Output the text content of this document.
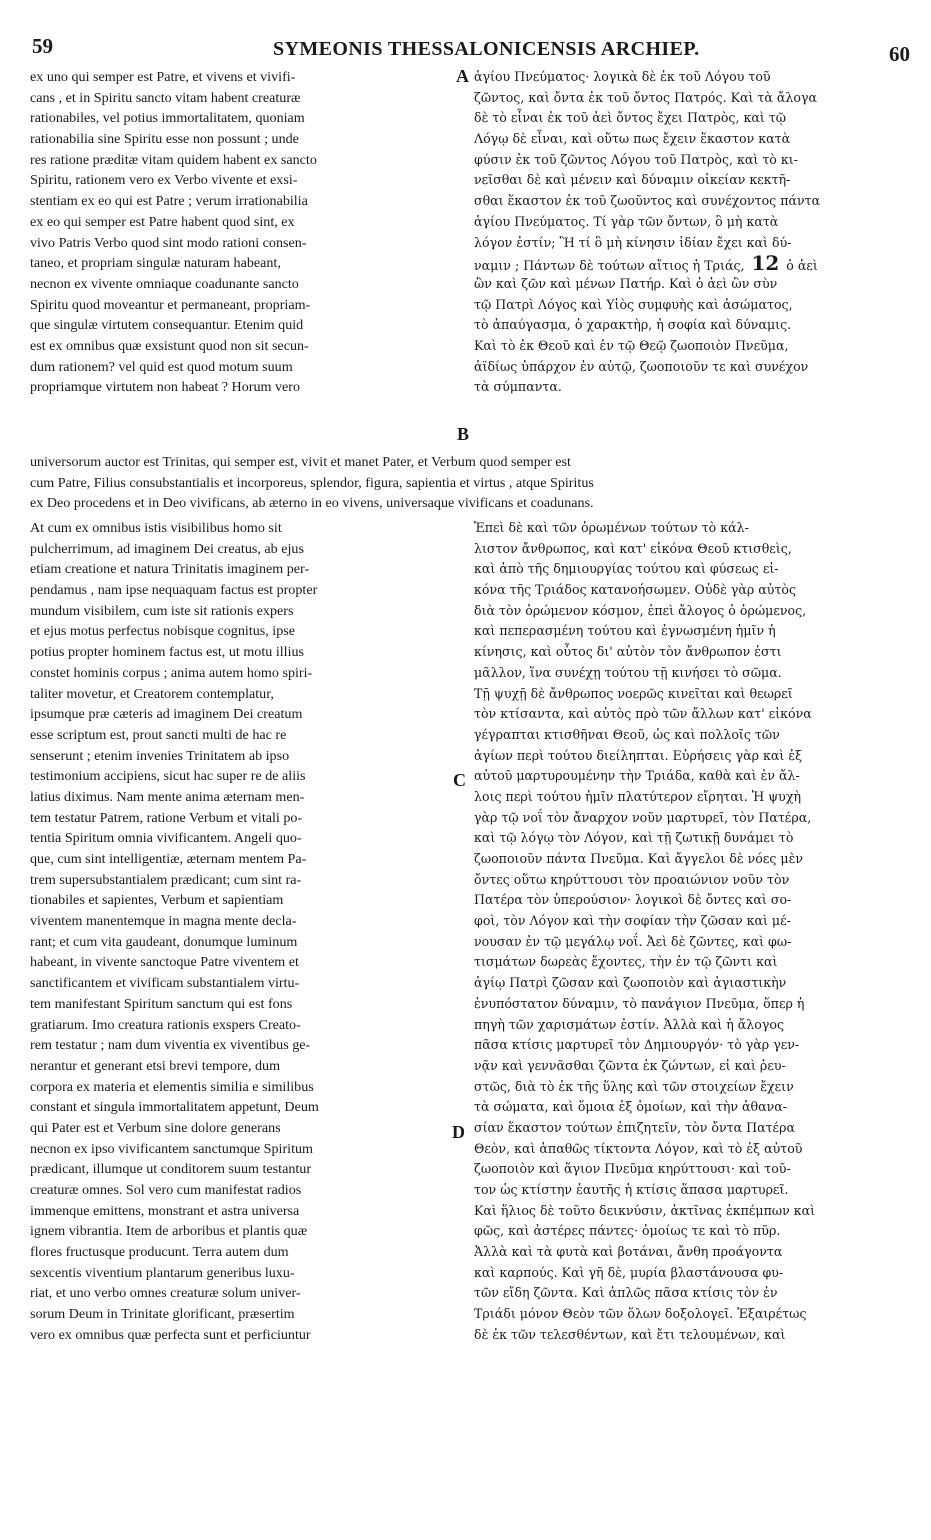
59	SYMEONIS THESSALONICENSIS ARCHIEP.	60
ex uno qui semper est Patre, et vivens et vivifi-
cans , et in Spiritu sancto vitam habent creaturæ
rationabiles, vel potius immortalitatem, quoniam
rationabilia sine Spiritu esse non possunt ; unde
res ratione præditæ vitam quidem habent ex sancto
Spiritu, rationem vero ex Verbo vivente et exsi-
stentiam ex eo qui est Patre ; verum irrationabilia
ex eo qui semper est Patre habent quod sint, ex
vivo Patris Verbo quod sint modo rationi consen-
taneo, et propriam singulæ naturam habeant,
necnon ex vivente omniaque coadunante sancto
Spiritu quod moveantur et permaneant, propriam-
que singulæ virtutem consequantur. Etenim quid
est ex omnibus quæ exsistunt quod non sit secun-
dum rationem? vel quid est quod motum suum
propriamque virtutem non habeat ? Horum vero
ἁγίου Πνεύματος· λογικὰ δὲ ἐκ τοῦ Λόγου τοῦ
ζῶντος, καὶ ὄντα ἐκ τοῦ ὄντος Πατρός. Καὶ τὰ ἄλογα
δὲ τὸ εἶναι ἐκ τοῦ ἀεὶ ὄντος ἔχει Πατρὸς, καὶ τῷ
Λόγῳ δὲ εἶναι, καὶ οὕτω πως ἔχειν ἕκαστον κατὰ
φύσιν ἐκ τοῦ ζῶντος Λόγου τοῦ Πατρὸς, καὶ τὸ κι-
νεῖσθαι δὲ καὶ μένειν καὶ δύναμιν οἰκείαν κεκτῆ-
σθαι ἕκαστον ἐκ τοῦ ζωοῦντος καὶ συνέχοντος πάντα
ἁγίου Πνεύματος. Τί γὰρ τῶν ὄντων, ὃ μὴ κατὰ
λόγον ἐστίν; Ἢ τί ὃ μὴ κίνησιν ἰδίαν ἔχει καὶ δύ-
ναμιν ; Πάντων δὲ τούτων αἴτιος ἡ Τριάς, 12 ὁ ἀεὶ
ὢν καὶ ζῶν καὶ μένων Πατήρ. Καὶ ὁ ἀεὶ ὢν σὺν
τῷ Πατρὶ Λόγος καὶ Υἱὸς συμφυὴς καὶ ἀσώματος,
τὸ ἀπαύγασμα, ὁ χαρακτὴρ, ἡ σοφία καὶ δύναμις.
Καὶ τὸ ἐκ Θεοῦ καὶ ἐν τῷ Θεῷ ζωοποιὸν Πνεῦμα,
ἀϊδίως ὑπάρχον ἐν αὐτῷ, ζωοποιοῦν τε καὶ συνέχον
τὰ σύμπαντα.
universorum auctor est Trinitas, qui semper est, vivit et manet Pater, et Verbum quod semper est
cum Patre, Filius consubstantialis et incorporeus, splendor, figura, sapientia et virtus , atque Spiritus
ex Deo procedens et in Deo vivificans, ab æterno in eo vivens, universaque vivificans et coadunans.
At cum ex omnibus istis visibilibus homo sit
pulcherrimum, ad imaginem Dei creatus, ab ejus
etiam creatione et natura Trinitatis imaginem per-
pendamus , nam ipse nequaquam factus est propter
mundum visibilem, cum iste sit rationis expers
et ejus motus perfectus nobisque cognitus, ipse
potius propter hominem factus est, ut motu illius
constet hominis corpus ; anima autem homo spiri-
taliter movetur, et Creatorem contemplatur,
ipsumque præ cæteris ad imaginem Dei creatum
esse scriptum est, prout sancti multi de hac re
senserunt ; etenim invenies Trinitatem ab ipso
testimonium accipiens, sicut hac super re de aliis
latius diximus. Nam mente anima æternam men-
tem testatur Patrem, ratione Verbum et vitali po-
tentia Spiritum omnia vivificantem. Angeli quo-
que, cum sint intelligentiæ, æternam mentem Pa-
trem supersubstantialem prædicant; cum sint ra-
tionabiles et sapientes, Verbum et sapientiam
viventem manentemque in magna mente decla-
rant; et cum vita gaudeant, donumque luminum
habeant, in vivente sanctoque Patre viventem et
sanctificantem et vivificam substantialem virtu-
tem manifestant Spiritum sanctum qui est fons
gratiarum. Imo creatura rationis exspers Creato-
rem testatur ; nam dum viventia ex viventibus ge-
nerantur et generant etsi brevi tempore, dum
corpora ex materia et elementis similia e similibus
constant et singula immortalitatem appetunt, Deum
qui Pater est et Verbum sine dolore generans
necnon ex ipso vivificantem sanctumque Spiritum
prædicant, illumque ut conditorem suum testantur
creaturæ omnes. Sol vero cum manifestat radios
immenque emittens, monstrant et astra universa
ignem vibrantia. Item de arboribus et plantis quæ
flores fructusque producunt. Terra autem dum
sexcentis viventium plantarum generibus luxu-
riat, et uno verbo omnes creaturæ solum univer-
sorum Deum in Trinitate glorificant, præsertim
vero ex omnibus quæ perfecta sunt et perficiuntur
Ἐπεὶ δὲ καὶ τῶν ὁρωμένων τούτων τὸ κάλ-
λιστον ἄνθρωπος, καὶ κατ' εἰκόνα Θεοῦ κτισθεὶς,
καὶ ἀπὸ τῆς δημιουργίας τούτου καὶ φύσεως εἰ-
κόνα τῆς Τριάδος κατανοήσωμεν. Οὐδὲ γὰρ αὐτὸς
διὰ τὸν ὁρώμενον κόσμον, ἐπεὶ ἄλογος ὁ ὁρώμενος,
καὶ πεπερασμένη τούτου καὶ ἐγνωσμένη ἡμῖν ἡ
κίνησις, καὶ οὗτος δι' αὐτὸν τὸν ἄνθρωπον ἐστι
μᾶλλον, ἵνα συνέχῃ τούτου τῇ κινήσει τὸ σῶμα.
Τῇ ψυχῇ δὲ ἄνθρωπος νοερῶς κινεῖται καὶ θεωρεῖ
τὸν κτίσαντα, καὶ αὐτὸς πρὸ τῶν ἄλλων κατ' εἰκόνα
γέγραπται κτισθῆναι Θεοῦ, ὡς καὶ πολλοῖς τῶν
ἁγίων περὶ τούτου διείληπται. Εὑρήσεις γὰρ καὶ ἐξ
αὐτοῦ μαρτυρουμένην τὴν Τριάδα, καθὰ καὶ ἐν ἄλ-
λοις περὶ τούτου ἡμῖν πλατύτερον εἴρηται. Ἡ ψυχὴ
γὰρ τῷ νοΐ τὸν ἄναρχον νοῦν μαρτυρεῖ, τὸν Πατέρα,
καὶ τῷ λόγῳ τὸν Λόγον, καὶ τῇ ζωτικῇ δυνάμει τὸ
ζωοποιοῦν πάντα Πνεῦμα. Καὶ ἄγγελοι δὲ νόες μὲν
ὄντες οὕτω κηρύττουσι τὸν προαιώνιον νοῦν τὸν
Πατέρα τὸν ὑπερούσιον· λογικοὶ δὲ ὄντες καὶ σο-
φοὶ, τὸν Λόγον καὶ τὴν σοφίαν τὴν ζῶσαν καὶ μέ-
νουσαν ἐν τῷ μεγάλῳ νοΐ. Ἀεὶ δὲ ζῶντες, καὶ φω-
τισμάτων δωρεὰς ἔχοντες, τὴν ἐν τῷ ζῶντι καὶ
ἁγίῳ Πατρὶ ζῶσαν καὶ ζωοποιὸν καὶ ἁγιαστικὴν
ἐνυπόστατον δύναμιν, τὸ πανάγιον Πνεῦμα, ὅπερ ἡ
πηγὴ τῶν χαρισμάτων ἐστίν. Ἀλλὰ καὶ ἡ ἄλογος
πᾶσα κτίσις μαρτυρεῖ τὸν Δημιουργόν· τὸ γὰρ γεν-
νᾷν καὶ γεννᾶσθαι ζῶντα ἐκ ζώντων, εἰ καὶ ῥευ-
στῶς, διὰ τὸ ἐκ τῆς ὕλης καὶ τῶν στοιχείων ἔχειν
τὰ σώματα, καὶ ὅμοια ἐξ ὁμοίων, καὶ τὴν ἀθανα-
σίαν ἕκαστον τούτων ἐπιζητεῖν, τὸν ὄντα Πατέρα
Θεὸν, καὶ ἀπαθῶς τίκτοντα Λόγον, καὶ τὸ ἐξ αὐτοῦ
ζωοποιὸν καὶ ἅγιον Πνεῦμα κηρύττουσι· καὶ τοῦ-
τον ὡς κτίστην ἑαυτῆς ἡ κτίσις ἅπασα μαρτυρεῖ.
Καὶ ἥλιος δὲ τοῦτο δεικνύσιν, ἀκτῖνας ἐκπέμπων καὶ
φῶς, καὶ ἀστέρες πάντες· ὁμοίως τε καὶ τὸ πῦρ.
Ἀλλὰ καὶ τὰ φυτὰ καὶ βοτάναι, ἄνθη προάγοντα
καὶ καρπούς. Καὶ γῆ δὲ, μυρία βλαστάνουσα φυ-
τῶν εἴδη ζῶντα. Καὶ ἁπλῶς πᾶσα κτίσις τὸν ἐν
Τριάδι μόνον Θεὸν τῶν ὅλων δοξολογεῖ. Ἐξαιρέτως
δὲ ἐκ τῶν τελεσθέντων, καὶ ἔτι τελουμένων, καὶ
A
B
C
D
